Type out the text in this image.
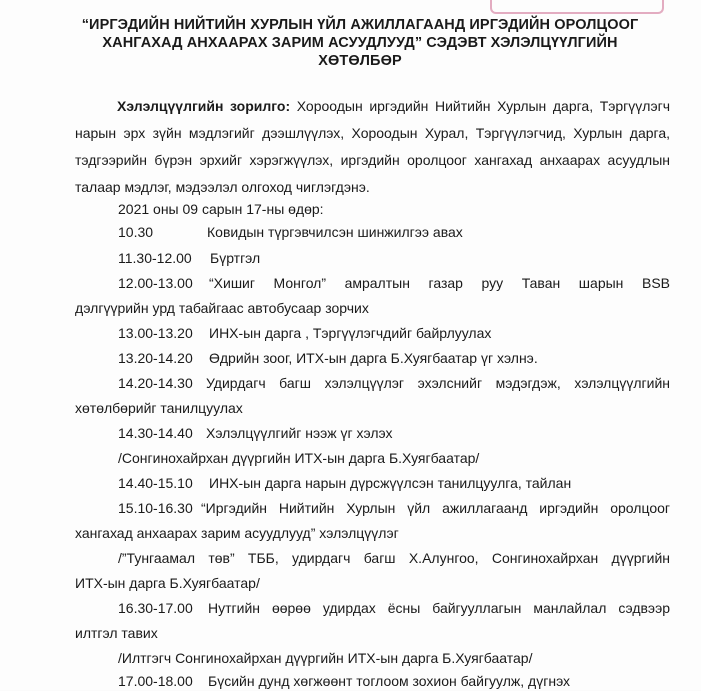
“ИРГЭДИЙН НИЙТИЙН ХУРЛЫН ҮЙЛ АЖИЛЛАГААНД ИРГЭДИЙН ОРОЛЦООГ ХАНГАХАД АНХААРАХ ЗАРИМ АСУУДЛУУД” СЭДЭВТ ХЭЛЭЛЦҮҮЛГИЙН ХӨТӨЛБӨР
Хэлэлцүүлгийн зорилго: Хороодын иргэдийн Нийтийн Хурлын дарга, Тэргүүлэгч нарын эрх зүйн мэдлэгийг дээшлүүлэх, Хороодын Хурал, Тэргүүлэгчид, Хурлын дарга, тэдгээрийн бүрэн эрхийг хэрэгжүүлэх, иргэдийн оролцоог хангахад анхаарах асуудлын талаар мэдлэг, мэдээлэл олгоход чиглэгдэнэ.
2021 оны 09 сарын 17-ны өдөр:
10.30	Ковидын түргэвчилсэн шинжилгээ авах
11.30-12.00 Бүртгэл
12.00-13.00 “Хишиг Монгол” амралтын газар руу Таван шарын BSB
дэлгүүрийн урд табайгаас автобусаар зорчих
13.00-13.20 ИНХ-ын дарга , Тэргүүлэгчдийг байрлуулах
13.20-14.20 Өдрийн зоог, ИТХ-ын дарга Б.Хуягбаатар үг хэлнэ.
14.20-14.30 Удирдагч багш хэлэлцүүлэг эхэлснийг мэдэгдэж, хэлэлцүүлгийн
хөтөлбөрийг танилцуулах
14.30-14.40 Хэлэлцүүлгийг нээж үг хэлэх
/Сонгинохайрхан дүүргийн ИТХ-ын дарга Б.Хуягбаатар/
14.40-15.10 ИНХ-ын дарга нарын дүрсжүүлсэн танилцуулга, тайлан
15.10-16.30 “Иргэдийн Нийтийн Хурлын үйл ажиллагаанд иргэдийн оролцоог
хангахад анхаарах зарим асуудлууд” хэлэлцүүлэг
/”Тунгаамал төв” ТББ, удирдагч багш Х.Алунгоо, Сонгинохайрхан дүүргийн
ИТХ-ын дарга Б.Хуягбаатар/
16.30-17.00 Нутгийн өөрөө удирдах ёсны байгууллагын манлайлал сэдвээр
илтгэл тавих
/Илтгэгч Сонгинохайрхан дүүргийн ИТХ-ын дарга Б.Хуягбаатар/
17.00-18.00 Бүсийн дунд хөгжөөнт тоглоом зохион байгуулж, дүгнэх
